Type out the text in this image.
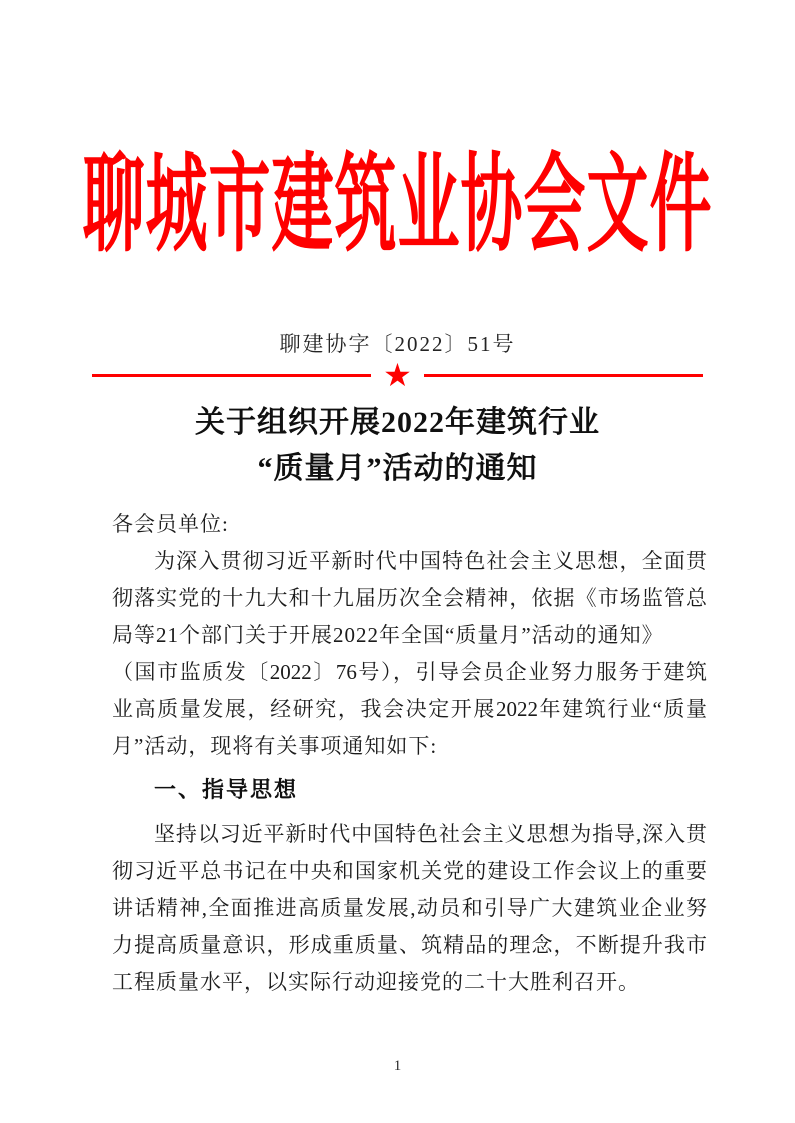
聊城市建筑业协会文件
聊建协字〔2022〕51号
★
关于组织开展2022年建筑行业
“质量月”活动的通知
各会员单位:
为深入贯彻习近平新时代中国特色社会主义思想，全面贯
彻落实党的十九大和十九届历次全会精神，依据《市场监管总
局等21个部门关于开展2022年全国“质量月”活动的通知》
（国市监质发〔2022〕76号），引导会员企业努力服务于建筑
业高质量发展，经研究，我会决定开展2022年建筑行业“质量
月”活动，现将有关事项通知如下:
一、指导思想
坚持以习近平新时代中国特色社会主义思想为指导,深入贯
彻习近平总书记在中央和国家机关党的建设工作会议上的重要
讲话精神,全面推进高质量发展,动员和引导广大建筑业企业努
力提高质量意识，形成重质量、筑精品的理念，不断提升我市
工程质量水平，以实际行动迎接党的二十大胜利召开。
1
